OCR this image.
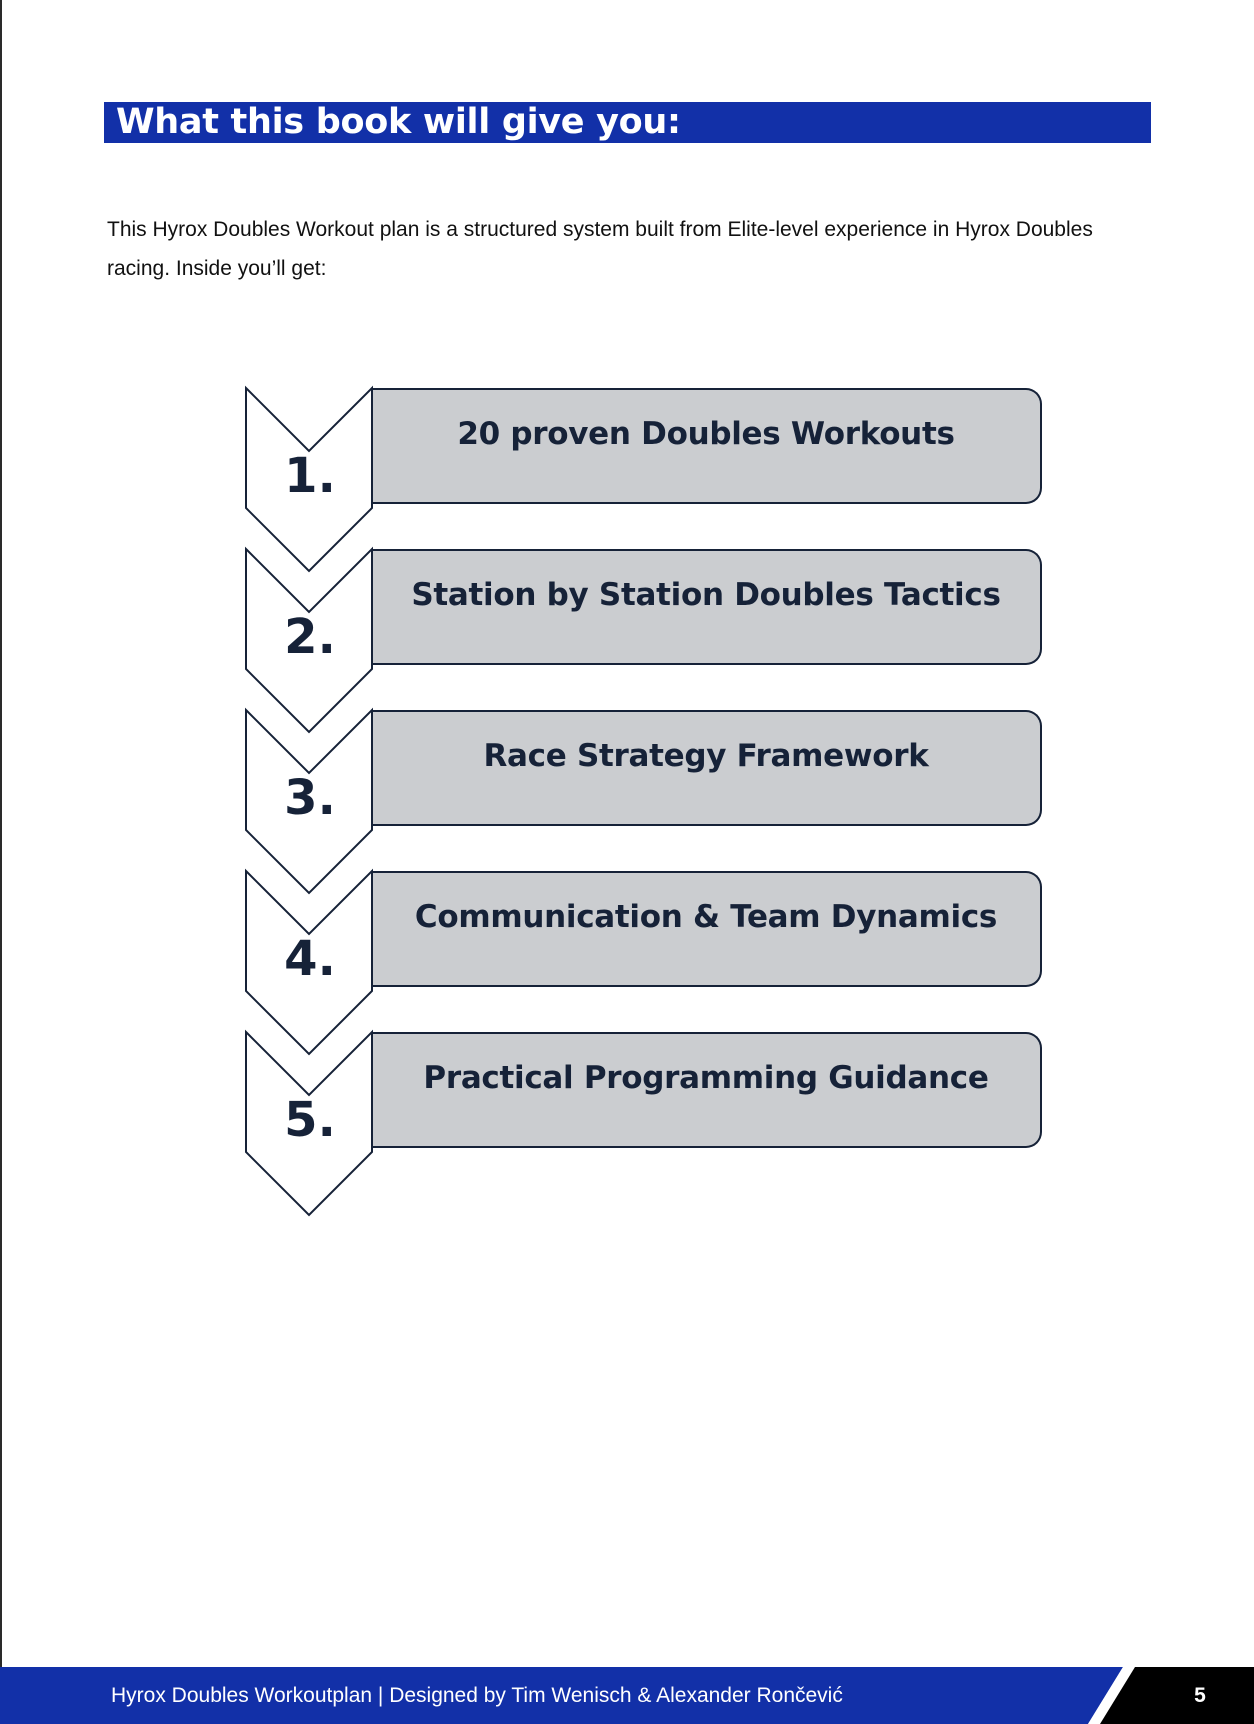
What this book will give you:

This Hyrox Doubles Workout plan is a structured system built from Elite-level experience in Hyrox Doubles racing. Inside you’ll get:

20 proven Doubles Workouts
1.
Station by Station Doubles Tactics
2.
Race Strategy Framework
3.
Communication & Team Dynamics
4.
Practical Programming Guidance
5.
Hyrox Doubles Workoutplan | Designed by Tim Wenisch & Alexander Rončević	5
